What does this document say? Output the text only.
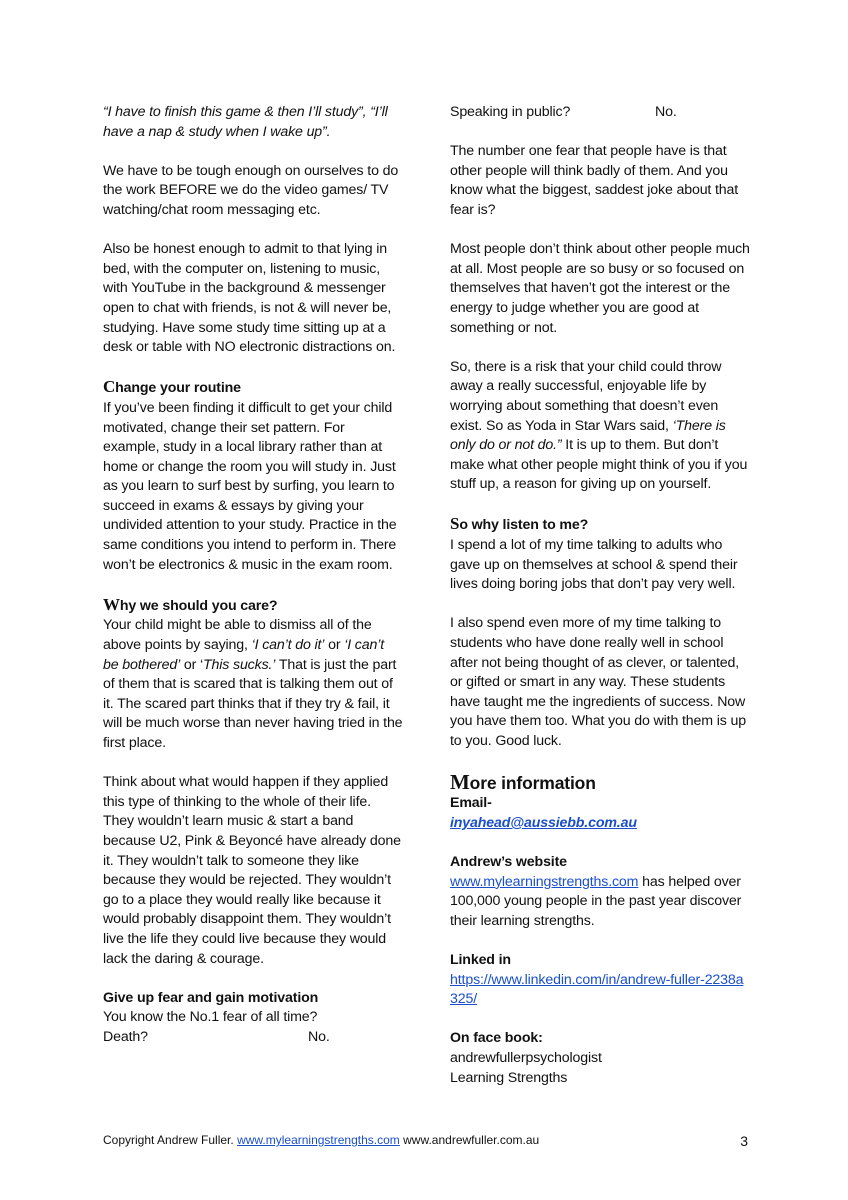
“I have to finish this game & then I’ll study”, “I’ll have a nap & study when I wake up”.

We have to be tough enough on ourselves to do the work BEFORE we do the video games/ TV watching/chat room messaging etc.

Also be honest enough to admit to that lying in bed, with the computer on, listening to music, with YouTube in the background & messenger open to chat with friends, is not & will never be, studying. Have some study time sitting up at a desk or table with NO electronic distractions on.

Change your routine

If you’ve been finding it difficult to get your child motivated, change their set pattern. For example, study in a local library rather than at home or change the room you will study in. Just as you learn to surf best by surfing, you learn to succeed in exams & essays by giving your undivided attention to your study. Practice in the same conditions you intend to perform in. There won’t be electronics & music in the exam room.

Why we should you care?

Your child might be able to dismiss all of the above points by saying, ‘I can’t do it’ or ‘I can’t be bothered’ or ‘This sucks.’ That is just the part of them that is scared that is talking them out of it. The scared part thinks that if they try & fail, it will be much worse than never having tried in the first place.

Think about what would happen if they applied this type of thinking to the whole of their life. They wouldn’t learn music & start a band because U2, Pink & Beyoncé have already done it. They wouldn’t talk to someone they like because they would be rejected. They wouldn’t go to a place they would really like because it would probably disappoint them. They wouldn’t live the life they could live because they would lack the daring & courage.

Give up fear and gain motivation
You know the No.1 fear of all time?
Death?	No.
Speaking in public?	No.

The number one fear that people have is that other people will think badly of them. And you know what the biggest, saddest joke about that fear is?

Most people don’t think about other people much at all. Most people are so busy or so focused on themselves that haven’t got the interest or the energy to judge whether you are good at something or not.

So, there is a risk that your child could throw away a really successful, enjoyable life by worrying about something that doesn’t even exist. So as Yoda in Star Wars said, ‘There is only do or not do.” It is up to them. But don’t make what other people might think of you if you stuff up, a reason for giving up on yourself.

So why listen to me?

I spend a lot of my time talking to adults who gave up on themselves at school & spend their lives doing boring jobs that don’t pay very well.

I also spend even more of my time talking to students who have done really well in school after not being thought of as clever, or talented, or gifted or smart in any way. These students have taught me the ingredients of success. Now you have them too. What you do with them is up to you. Good luck.

More information
Email-
inyahead@aussiebb.com.au
Andrew’s website

www.mylearningstrengths.com has helped over 100,000 young people in the past year discover their learning strengths.

Linked in

https://www.linkedin.com/in/andrew-fuller-2238a325/

On face book:
andrewfullerpsychologist
Learning Strengths
Copyright Andrew Fuller. www.mylearningstrengths.com www.andrewfuller.com.au	3
